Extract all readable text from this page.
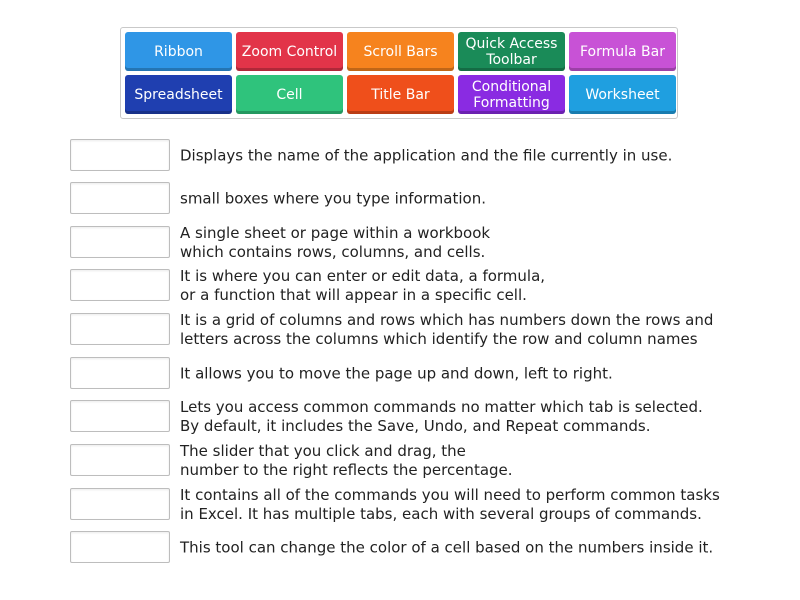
Ribbon	Zoom Control Scroll Bars Quick Access
Toolbar	Formula Bar
Spreadsheet	Cell	Title Bar	Conditional
Formatting	Worksheet
Displays the name of the application and the file currently in use.
small boxes where you type information.
A single sheet or page within a workbook
which contains rows, columns, and cells.
It is where you can enter or edit data, a formula,
or a function that will appear in a specific cell.
It is a grid of columns and rows which has numbers down the rows and
letters across the columns which identify the row and column names
It allows you to move the page up and down, left to right.
Lets you access common commands no matter which tab is selected.
By default, it includes the Save, Undo, and Repeat commands.
The slider that you click and drag, the
number to the right reflects the percentage.
It contains all of the commands you will need to perform common tasks
in Excel. It has multiple tabs, each with several groups of commands.
This tool can change the color of a cell based on the numbers inside it.
